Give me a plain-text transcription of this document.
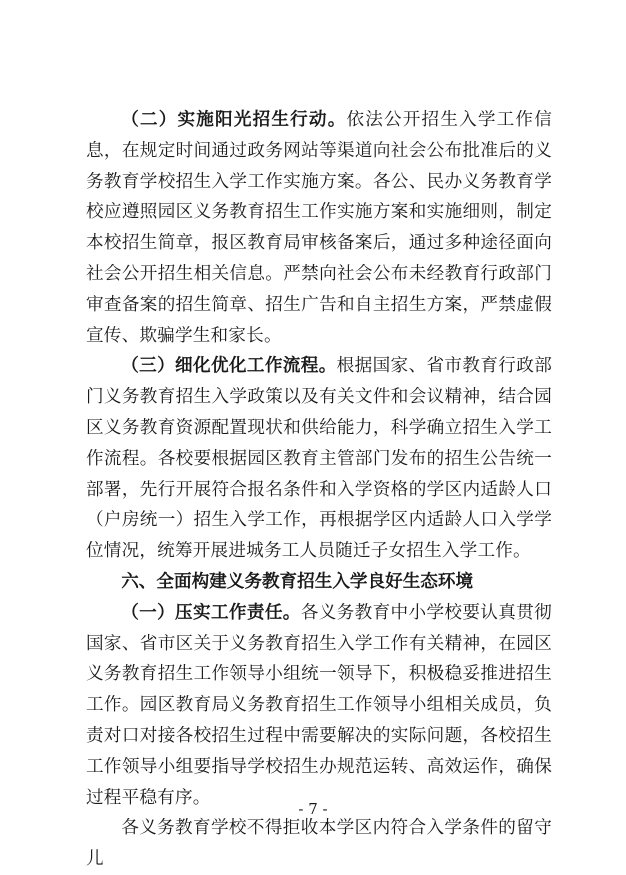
（二）实施阳光招生行动。依法公开招生入学工作信息，在规定时间通过政务网站等渠道向社会公布批准后的义务教育学校招生入学工作实施方案。各公、民办义务教育学校应遵照园区义务教育招生工作实施方案和实施细则，制定本校招生简章，报区教育局审核备案后，通过多种途径面向社会公开招生相关信息。严禁向社会公布未经教育行政部门审查备案的招生简章、招生广告和自主招生方案，严禁虚假宣传、欺骗学生和家长。

（三）细化优化工作流程。根据国家、省市教育行政部门义务教育招生入学政策以及有关文件和会议精神，结合园区义务教育资源配置现状和供给能力，科学确立招生入学工作流程。各校要根据园区教育主管部门发布的招生公告统一部署，先行开展符合报名条件和入学资格的学区内适龄人口（户房统一）招生入学工作，再根据学区内适龄人口入学学位情况，统筹开展进城务工人员随迁子女招生入学工作。

六、全面构建义务教育招生入学良好生态环境

（一）压实工作责任。各义务教育中小学校要认真贯彻国家、省市区关于义务教育招生入学工作有关精神，在园区义务教育招生工作领导小组统一领导下，积极稳妥推进招生工作。园区教育局义务教育招生工作领导小组相关成员，负责对口对接各校招生过程中需要解决的实际问题，各校招生工作领导小组要指导学校招生办规范运转、高效运作，确保过程平稳有序。

各义务教育学校不得拒收本学区内符合入学条件的留守儿

- 7 -
